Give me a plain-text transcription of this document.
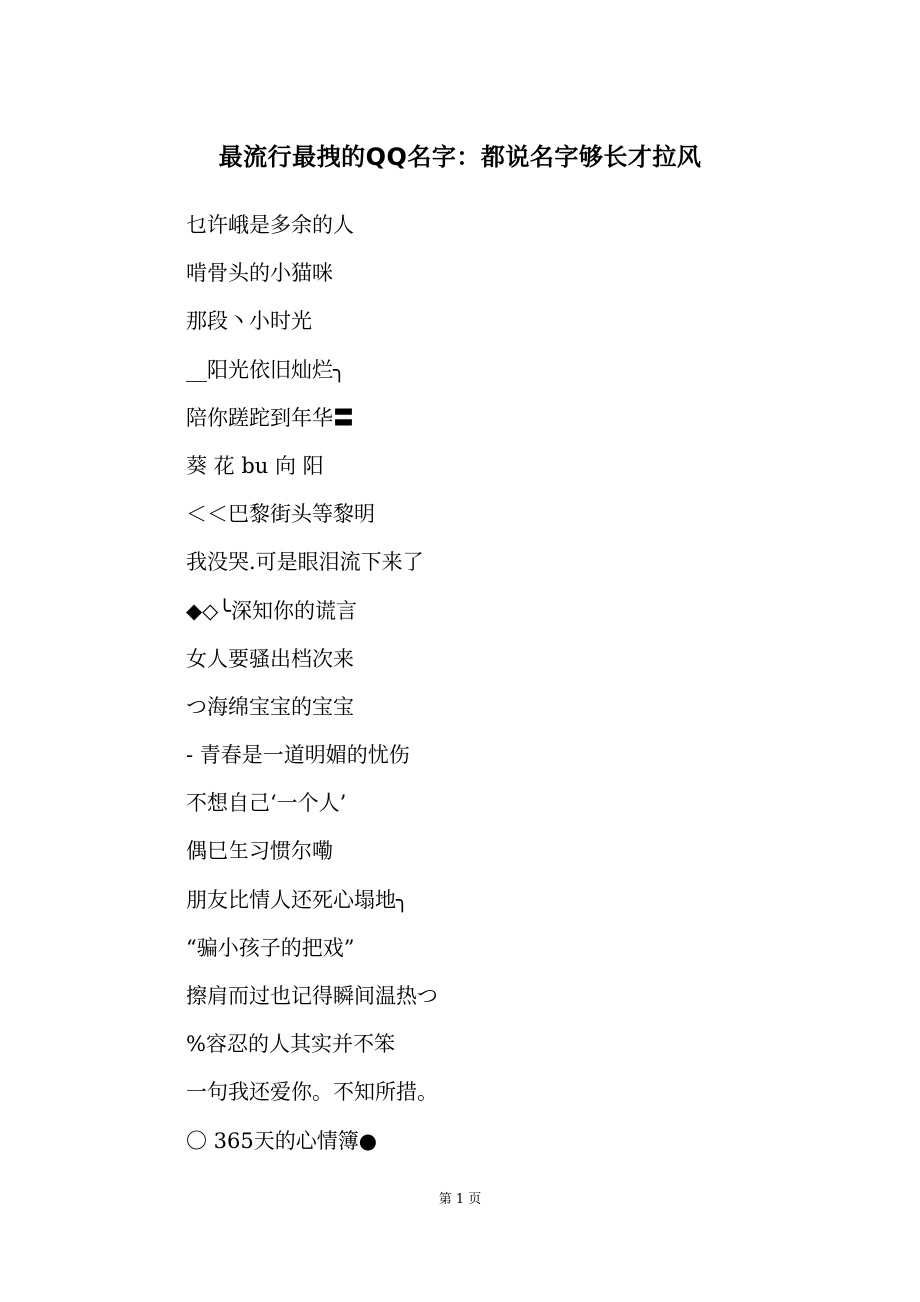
最流行最拽的QQ名字：都说名字够长才拉风
乜许峨是多余的人
啃骨头的小猫咪
那段丶小时光
__阳光依旧灿烂╮
陪你蹉跎到年华〓
葵 花 bu 向 阳
＜＜巴黎街头等黎明
我没哭.可是眼泪流下来了
◆◇╰深知你的谎言
女人要骚出档次来
つ海绵宝宝的宝宝
- 青春是一道明媚的忧伤
不想自己‘一个人’
偶巳玍习惯尔嘞
朋友比情人还死心塌地╮
“骗小孩子的把戏”
擦肩而过也记得瞬间温热つ
%容忍的人其实并不笨
一句我还爱你。不知所措。
〇 365天的心情簿●
第 1 页
